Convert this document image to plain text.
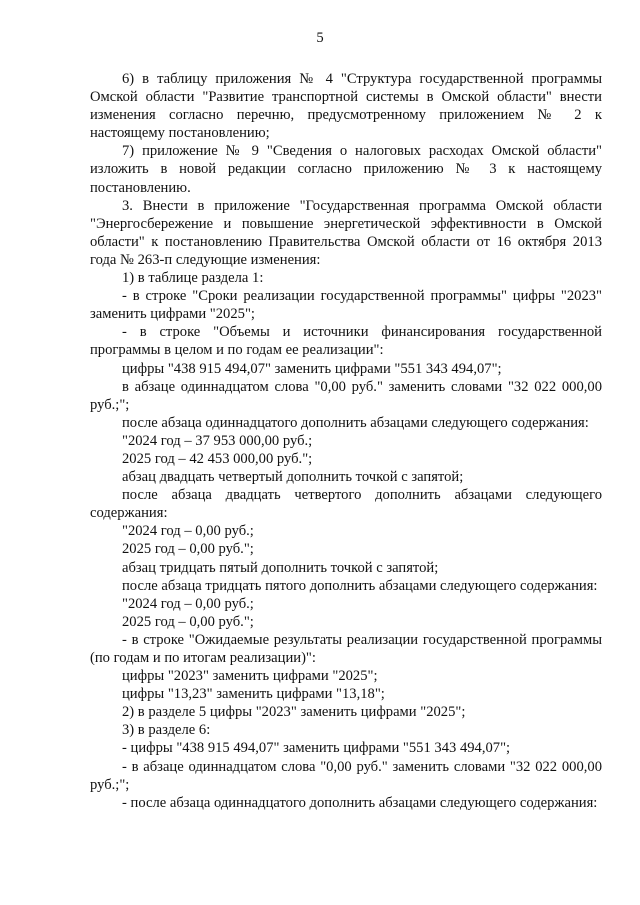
5

6) в таблицу приложения № 4 "Структура государственной программы Омской области "Развитие транспортной системы в Омской области" внести изменения согласно перечню, предусмотренному приложением № 2 к настоящему постановлению;

7) приложение № 9 "Сведения о налоговых расходах Омской области" изложить в новой редакции согласно приложению № 3 к настоящему постановлению.

3. Внести в приложение "Государственная программа Омской области "Энергосбережение и повышение энергетической эффективности в Омской области" к постановлению Правительства Омской области от 16 октября 2013 года № 263-п следующие изменения:

1) в таблице раздела 1:

- в строке "Сроки реализации государственной программы" цифры "2023" заменить цифрами "2025";

- в строке "Объемы и источники финансирования государственной программы в целом и по годам ее реализации":

цифры "438 915 494,07" заменить цифрами "551 343 494,07";

в абзаце одиннадцатом слова "0,00 руб." заменить словами "32 022 000,00 руб.;";

после абзаца одиннадцатого дополнить абзацами следующего содержания:

"2024 год – 37 953 000,00 руб.;

2025 год – 42 453 000,00 руб.";

абзац двадцать четвертый дополнить точкой с запятой;

после абзаца двадцать четвертого дополнить абзацами следующего содержания:

"2024 год – 0,00 руб.;

2025 год – 0,00 руб.";

абзац тридцать пятый дополнить точкой с запятой;

после абзаца тридцать пятого дополнить абзацами следующего содержания:

"2024 год – 0,00 руб.;

2025 год – 0,00 руб.";

- в строке "Ожидаемые результаты реализации государственной программы (по годам и по итогам реализации)":

цифры "2023" заменить цифрами "2025";

цифры "13,23" заменить цифрами "13,18";

2) в разделе 5 цифры "2023" заменить цифрами "2025";

3) в разделе 6:

- цифры "438 915 494,07" заменить цифрами "551 343 494,07";

- в абзаце одиннадцатом слова "0,00 руб." заменить словами "32 022 000,00 руб.;";

- после абзаца одиннадцатого дополнить абзацами следующего содержания:
